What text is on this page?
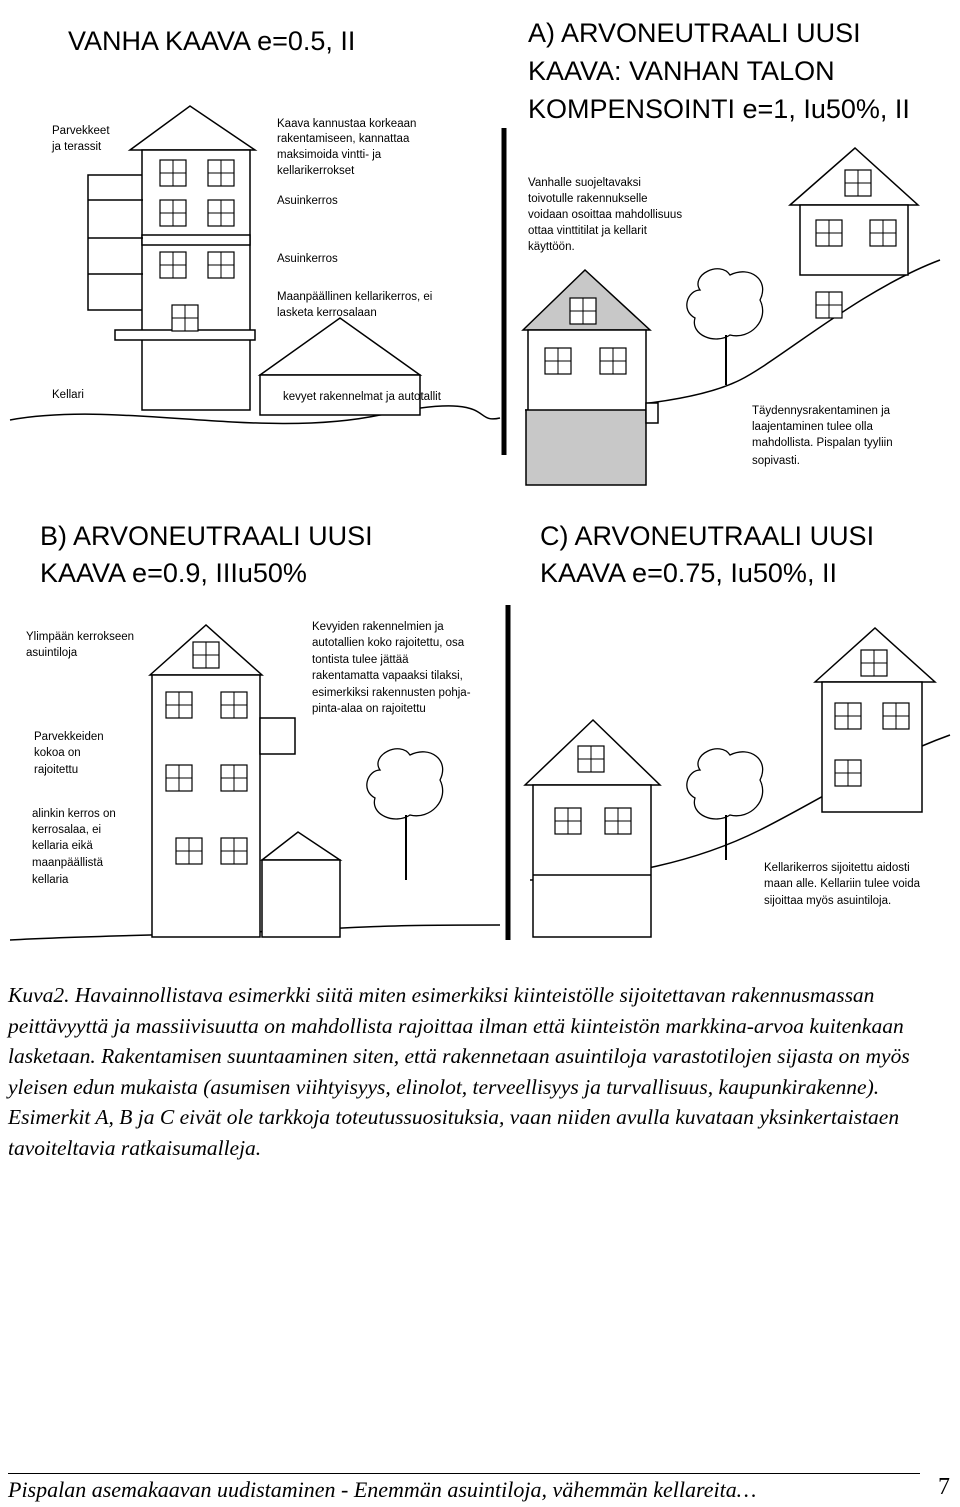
VANHA KAAVA e=0.5, II
Parvekkeet ja terassit
Kellari
Kaava kannustaa korkeaan rakentamiseen, kannattaa maksimoida vintti- ja kellarikerrokset
Asuinkerros
Asuinkerros
Maanpäällinen kellarikerros, ei lasketa kerrosalaan
kevyet rakennelmat ja autotallit
A) ARVONEUTRAALI UUSI KAAVA: VANHAN TALON KOMPENSOINTI e=1, Iu50%, II
Vanhalle suojeltavaksi toivotulle rakennukselle voidaan osoittaa mahdollisuus ottaa vinttitilat ja kellarit käyttöön.
Täydennysrakentaminen ja laajentaminen tulee olla mahdollista. Pispalan tyyliin sopivasti.
B) ARVONEUTRAALI UUSI KAAVA e=0.9, IIIu50%
Ylimpään kerrokseen asuintiloja
Parvekkeiden kokoa on rajoitettu
alinkin kerros on kerrosalaa, ei kellaria eikä maanpäällistä kellaria
Kevyiden rakennelmien ja autotallien koko rajoitettu, osa tontista tulee jättää rakentamatta vapaaksi tilaksi, esimerkiksi rakennusten pohja- pinta-alaa on rajoitettu
C) ARVONEUTRAALI UUSI KAAVA e=0.75, Iu50%, II
Kellarikerros sijoitettu aidosti maan alle. Kellariin tulee voida sijoittaa myös asuintiloja.

Kuva2. Havainnollistava esimerkki siitä miten esimerkiksi kiinteistölle sijoitettavan rakennusmassan peittävyyttä ja massiivisuutta on mahdollista rajoittaa ilman että kiinteistön markkina-arvoa kuitenkaan lasketaan. Rakentamisen suuntaaminen siten, että rakennetaan asuintiloja varastotilojen sijasta on myös yleisen edun mukaista (asumisen viihtyisyys, elinolot, terveellisyys ja turvallisuus, kaupunkirakenne). Esimerkit A, B ja C eivät ole tarkkoja toteutussuosituksia, vaan niiden avulla kuvataan yksinkertaistaen tavoiteltavia ratkaisumalleja.

Pispalan asemakaavan uudistaminen - Enemmän asuintiloja, vähemmän kellareita…	7
